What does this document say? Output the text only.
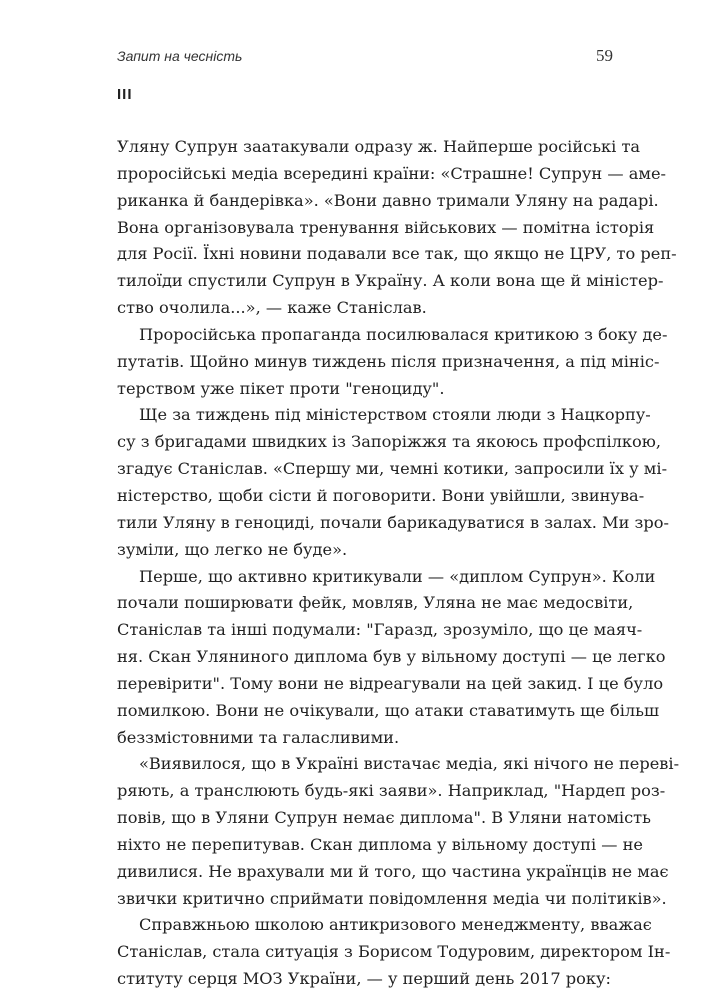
Запит на чесність	59
III
Уляну Супрун заатакували одразу ж. Найперше російські та
проросійські медіа всередині країни: «Страшне! Супрун — аме-
риканка й бандерівка». «Вони давно тримали Уляну на радарі.
Вона організовувала тренування військових — помітна історія
для Росії. Їхні новини подавали все так, що якщо не ЦРУ, то реп-
тилоїди спустили Супрун в Україну. А коли вона ще й міністер-
ство очолила...», — каже Станіслав.
Проросійська пропаганда посилювалася критикою з боку де-
путатів. Щойно минув тиждень після призначення, а під мініс-
терством уже пікет проти "геноциду".
Ще за тиждень під міністерством стояли люди з Нацкорпу-
су з бригадами швидких із Запоріжжя та якоюсь профспілкою,
згадує Станіслав. «Спершу ми, чемні котики, запросили їх у мі-
ністерство, щоби сісти й поговорити. Вони увійшли, звинува-
тили Уляну в геноциді, почали барикадуватися в залах. Ми зро-
зуміли, що легко не буде».
Перше, що активно критикували — «диплом Супрун». Коли
почали поширювати фейк, мовляв, Уляна не має медосвіти,
Станіслав та інші подумали: "Гаразд, зрозуміло, що це маяч-
ня. Скан Уляниного диплома був у вільному доступі — це легко
перевірити". Тому вони не відреагували на цей закид. І це було
помилкою. Вони не очікували, що атаки ставатимуть ще більш
беззмістовними та галасливими.
«Виявилося, що в Україні вистачає медіа, які нічого не переві-
ряють, а транслюють будь-які заяви». Наприклад, "Нардеп роз-
повів, що в Уляни Супрун немає диплома". В Уляни натомість
ніхто не перепитував. Скан диплома у вільному доступі — не
дивилися. Не врахували ми й того, що частина українців не має
звички критично сприймати повідомлення медіа чи політиків».
Справжньою школою антикризового менеджменту, вважає
Станіслав, стала ситуація з Борисом Тодуровим, директором Ін-
ституту серця МОЗ України, — у перший день 2017 року:
